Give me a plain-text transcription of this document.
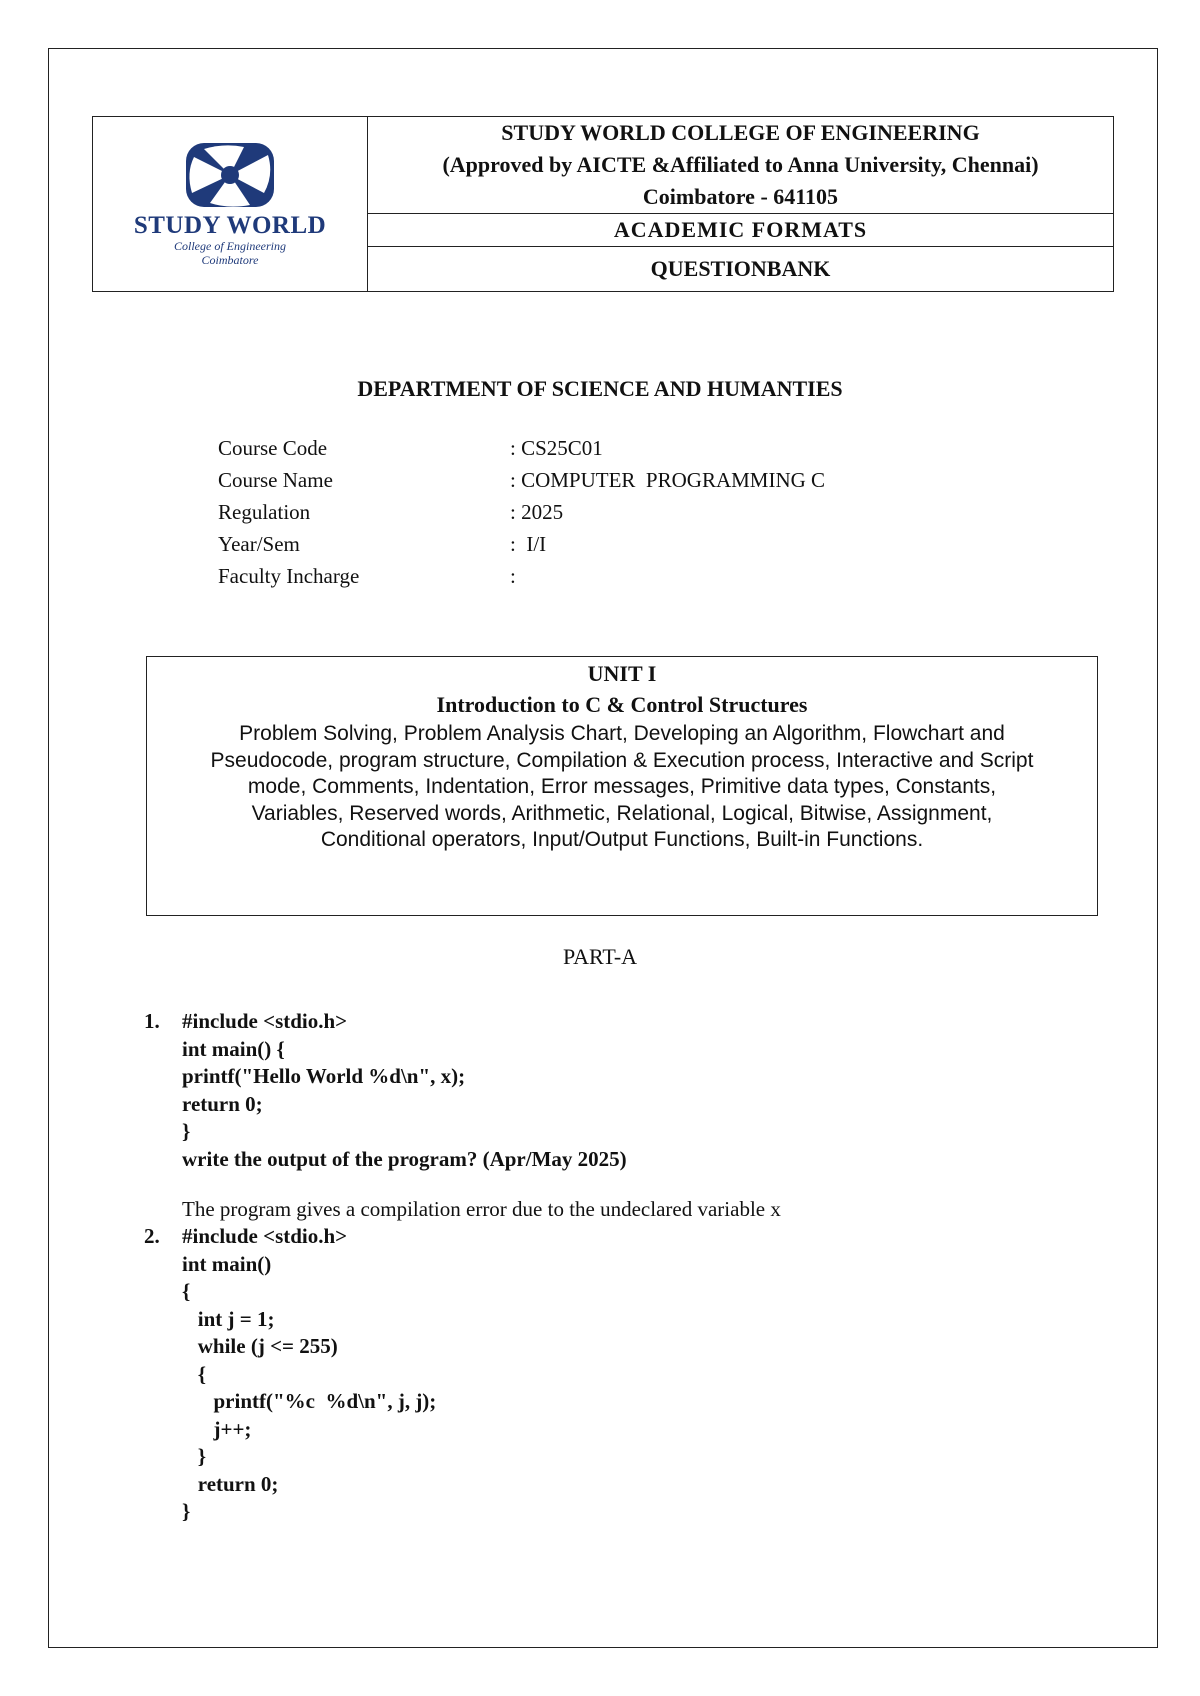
STUDY WORLD
College of Engineering
Coimbatore
STUDY WORLD COLLEGE OF ENGINEERING
(Approved by AICTE &Affiliated to Anna University, Chennai)
Coimbatore - 641105
ACADEMIC FORMATS
QUESTIONBANK
DEPARTMENT OF SCIENCE AND HUMANTIES
Course Code	: CS25C01
Course Name	: COMPUTER  PROGRAMMING C
Regulation	: 2025
Year/Sem	:  I/I
Faculty Incharge	:
UNIT I
Introduction to C & Control Structures
Problem Solving, Problem Analysis Chart, Developing an Algorithm, Flowchart and
Pseudocode, program structure, Compilation & Execution process, Interactive and Script
mode, Comments, Indentation, Error messages, Primitive data types, Constants,
Variables, Reserved words, Arithmetic, Relational, Logical, Bitwise, Assignment,
Conditional operators, Input/Output Functions, Built-in Functions.
PART-A
1.	#include <stdio.h>
int main() {
printf("Hello World %d\n", x);
return 0;
}
write the output of the program? (Apr/May 2025)
The program gives a compilation error due to the undeclared variable x
2.	#include <stdio.h>
int main()
{
int j = 1;
while (j <= 255)
{
printf("%c  %d\n", j, j);
j++;
}
return 0;
}
